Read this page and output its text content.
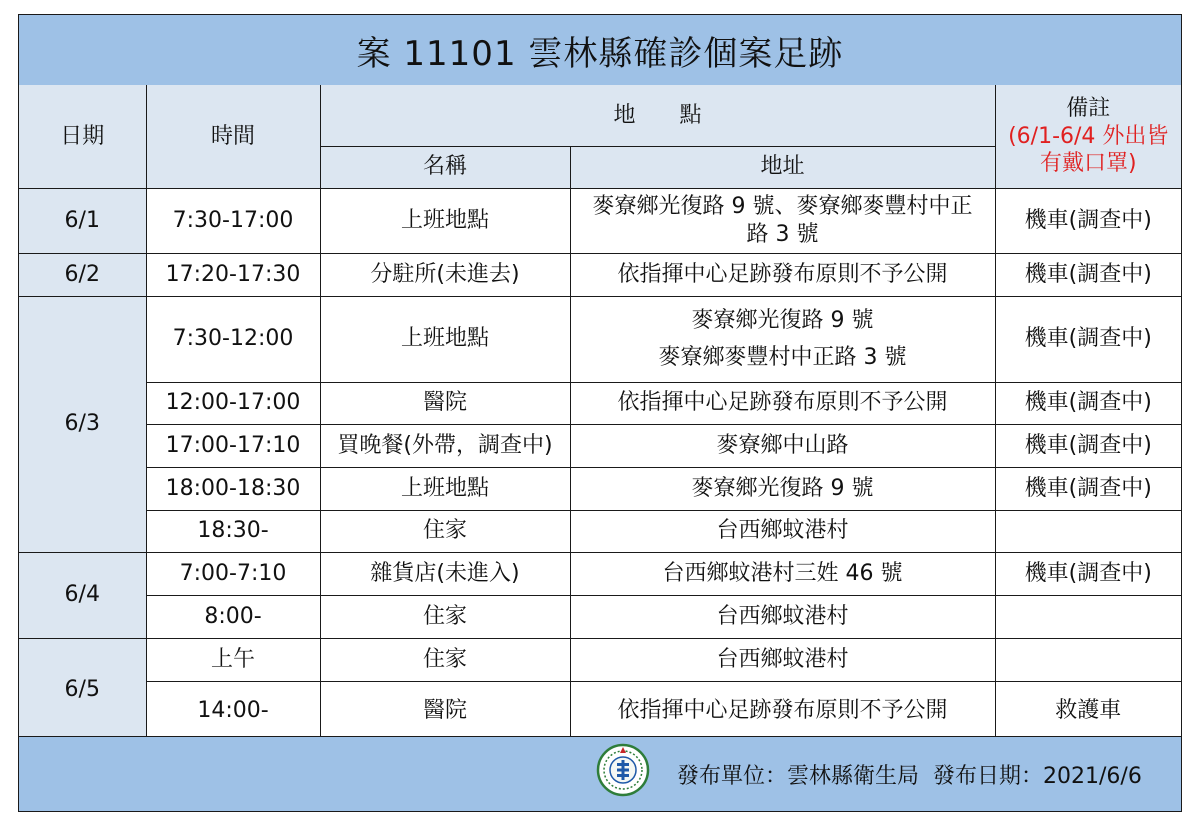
案 11101 雲林縣確診個案足跡
日期	時間	地　　點		備註
(6/1-6/4 外出皆
有戴口罩)

		名稱	地址	
6/1	7:30-17:00	上班地點	麥寮鄉光復路 9 號、麥寮鄉麥豐村中正
路 3 號	機車(調查中)
6/2	17:20-17:30	分駐所(未進去)	依指揮中心足跡發布原則不予公開	機車(調查中)
6/3	7:30-12:00	上班地點	麥寮鄉光復路 9 號
麥寮鄉麥豐村中正路 3 號	機車(調查中)
	12:00-17:00	醫院	依指揮中心足跡發布原則不予公開	機車(調查中)
	17:00-17:10	買晚餐(外帶，調查中)	麥寮鄉中山路	機車(調查中)
	18:00-18:30	上班地點	麥寮鄉光復路 9 號	機車(調查中)
	18:30-	住家	台西鄉蚊港村	

6/4	7:00-7:10	雜貨店(未進入)	台西鄉蚊港村三姓 46 號	機車(調查中)
	8:00-	住家	台西鄉蚊港村	

6/5	上午	住家	台西鄉蚊港村	

	14:00-	醫院	依指揮中心足跡發布原則不予公開	救護車
發布單位：雲林縣衛生局 發布日期：2021/6/6
